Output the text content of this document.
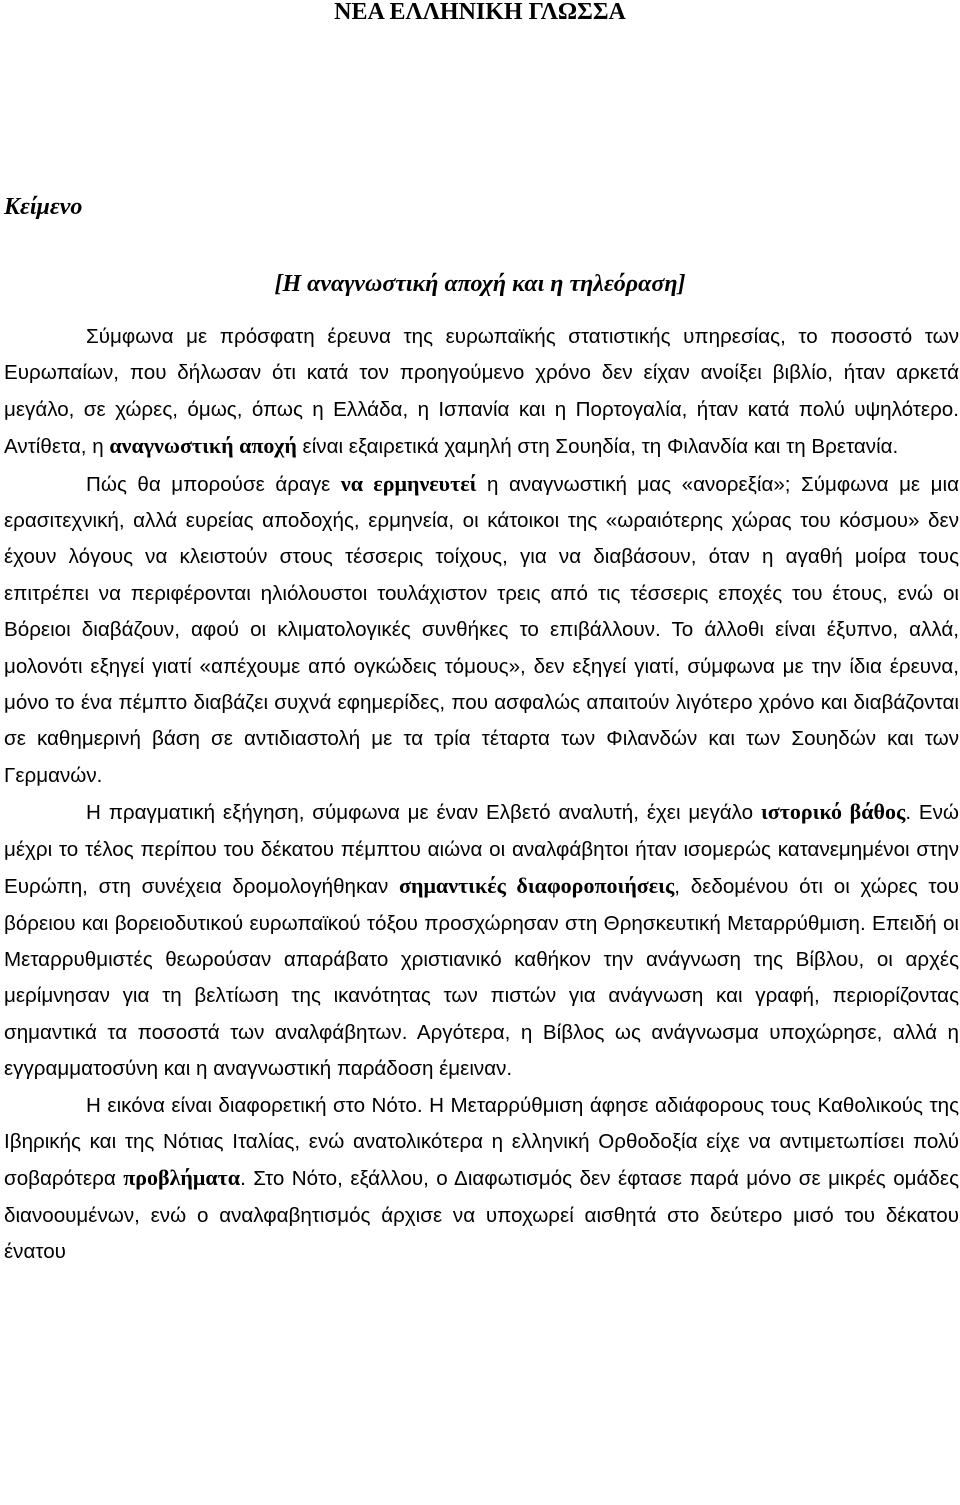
ΝΕΑ ΕΛΛΗΝΙΚΗ ΓΛΩΣΣΑ
Κείμενο
[Η αναγνωστική αποχή και η τηλεόραση]

Σύμφωνα με πρόσφατη έρευνα της ευρωπαϊκής στατιστικής υπηρεσίας, το ποσοστό των Ευρωπαίων, που δήλωσαν ότι κατά τον προηγούμενο χρόνο δεν είχαν ανοίξει βιβλίο, ήταν αρκετά μεγάλο, σε χώρες, όμως, όπως η Ελλάδα, η Ισπανία και η Πορτογαλία, ήταν κατά πολύ υψηλότερο. Αντίθετα, η αναγνωστική αποχή είναι εξαιρετικά χαμηλή στη Σουηδία, τη Φιλανδία και τη Βρετανία.

Πώς θα μπορούσε άραγε να ερμηνευτεί η αναγνωστική μας «ανορεξία»; Σύμφωνα με μια ερασιτεχνική, αλλά ευρείας αποδοχής, ερμηνεία, οι κάτοικοι της «ωραιότερης χώρας του κόσμου» δεν έχουν λόγους να κλειστούν στους τέσσερις τοίχους, για να διαβάσουν, όταν η αγαθή μοίρα τους επιτρέπει να περιφέρονται ηλιόλουστοι τουλάχιστον τρεις από τις τέσσερις εποχές του έτους, ενώ οι Βόρειοι διαβάζουν, αφού οι κλιματολογικές συνθήκες το επιβάλλουν. Το άλλοθι είναι έξυπνο, αλλά, μολονότι εξηγεί γιατί «απέχουμε από ογκώδεις τόμους», δεν εξηγεί γιατί, σύμφωνα με την ίδια έρευνα, μόνο το ένα πέμπτο διαβάζει συχνά εφημερίδες, που ασφαλώς απαιτούν λιγότερο χρόνο και διαβάζονται σε καθημερινή βάση σε αντιδιαστολή με τα τρία τέταρτα των Φιλανδών και των Σουηδών και των Γερμανών.

Η πραγματική εξήγηση, σύμφωνα με έναν Ελβετό αναλυτή, έχει μεγάλο ιστορικό βάθος. Ενώ μέχρι το τέλος περίπου του δέκατου πέμπτου αιώνα οι αναλφάβητοι ήταν ισομερώς κατανεμημένοι στην Ευρώπη, στη συνέχεια δρομολογήθηκαν σημαντικές διαφοροποιήσεις, δεδομένου ότι οι χώρες του βόρειου και βορειοδυτικού ευρωπαϊκού τόξου προσχώρησαν στη Θρησκευτική Μεταρρύθμιση. Επειδή οι Μεταρρυθμιστές θεωρούσαν απαράβατο χριστιανικό καθήκον την ανάγνωση της Βίβλου, οι αρχές μερίμνησαν για τη βελτίωση της ικανότητας των πιστών για ανάγνωση και γραφή, περιορίζοντας σημαντικά τα ποσοστά των αναλφάβητων. Αργότερα, η Βίβλος ως ανάγνωσμα υποχώρησε, αλλά η εγγραμματοσύνη και η αναγνωστική παράδοση έμειναν.

Η εικόνα είναι διαφορετική στο Νότο. Η Μεταρρύθμιση άφησε αδιάφορους τους Καθολικούς της Ιβηρικής και της Νότιας Ιταλίας, ενώ ανατολικότερα η ελληνική Ορθοδοξία είχε να αντιμετωπίσει πολύ σοβαρότερα προβλήματα. Στο Νότο, εξάλλου, ο Διαφωτισμός δεν έφτασε παρά μόνο σε μικρές ομάδες διανοουμένων, ενώ ο αναλφαβητισμός άρχισε να υποχωρεί αισθητά στο δεύτερο μισό του δέκατου ένατου
